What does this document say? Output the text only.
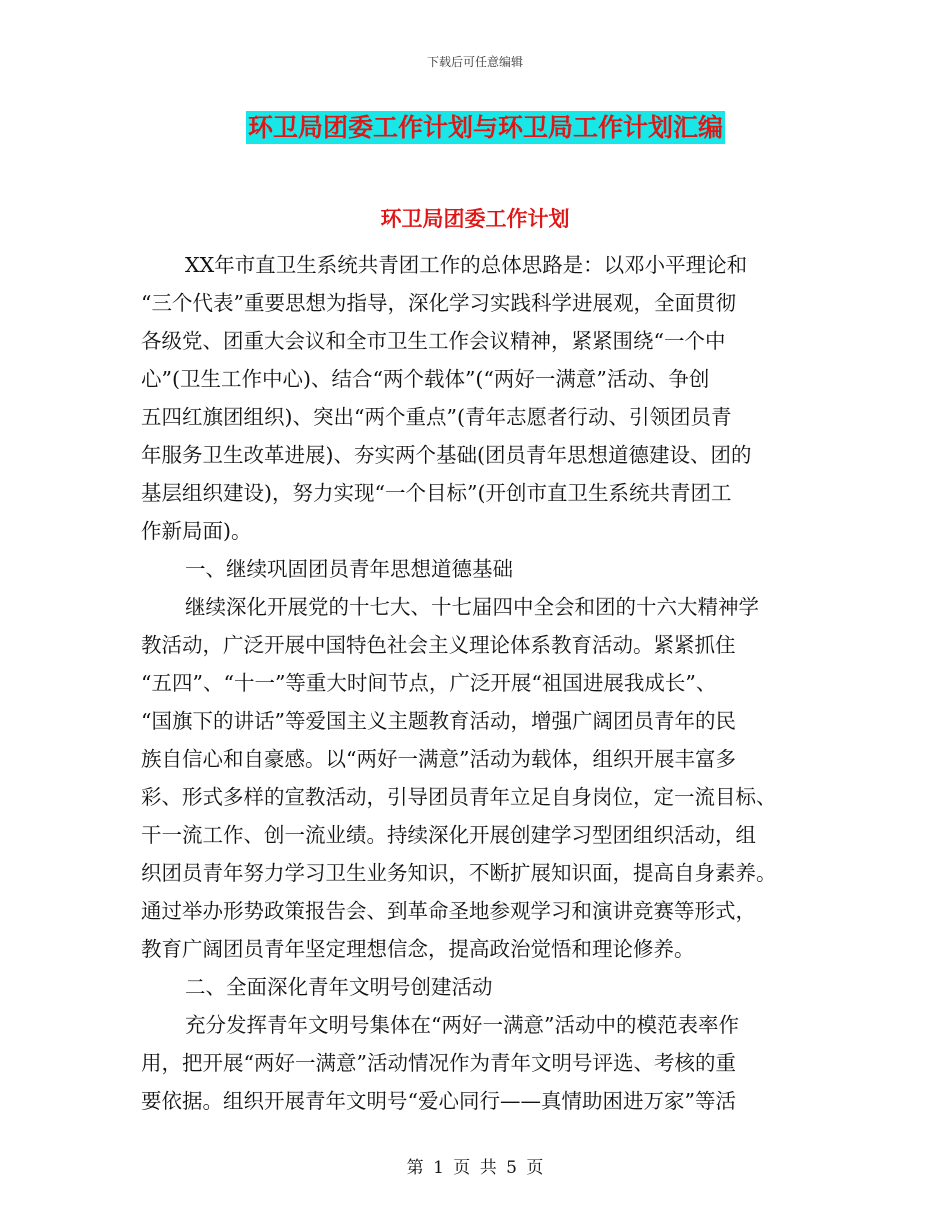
下载后可任意编辑
环卫局团委工作计划与环卫局工作计划汇编
环卫局团委工作计划
XX年市直卫生系统共青团工作的总体思路是：以邓小平理论和
“三个代表”重要思想为指导，深化学习实践科学进展观，全面贯彻
各级党、团重大会议和全市卫生工作会议精神，紧紧围绕“一个中
心”(卫生工作中心)、结合“两个载体”(“两好一满意”活动、争创
五四红旗团组织)、突出“两个重点”(青年志愿者行动、引领团员青
年服务卫生改革进展)、夯实两个基础(团员青年思想道德建设、团的
基层组织建设)，努力实现“一个目标”(开创市直卫生系统共青团工
作新局面)。
一、继续巩固团员青年思想道德基础
继续深化开展党的十七大、十七届四中全会和团的十六大精神学
教活动，广泛开展中国特色社会主义理论体系教育活动。紧紧抓住
“五四”、“十一”等重大时间节点，广泛开展“祖国进展我成长”、
“国旗下的讲话”等爱国主义主题教育活动，增强广阔团员青年的民
族自信心和自豪感。以“两好一满意”活动为载体，组织开展丰富多
彩、形式多样的宣教活动，引导团员青年立足自身岗位，定一流目标、
干一流工作、创一流业绩。持续深化开展创建学习型团组织活动，组
织团员青年努力学习卫生业务知识，不断扩展知识面，提高自身素养。
通过举办形势政策报告会、到革命圣地参观学习和演讲竞赛等形式，
教育广阔团员青年坚定理想信念，提高政治觉悟和理论修养。
二、全面深化青年文明号创建活动
充分发挥青年文明号集体在“两好一满意”活动中的模范表率作
用，把开展“两好一满意”活动情况作为青年文明号评选、考核的重
要依据。组织开展青年文明号“爱心同行——真情助困进万家”等活
第 1 页 共 5 页
